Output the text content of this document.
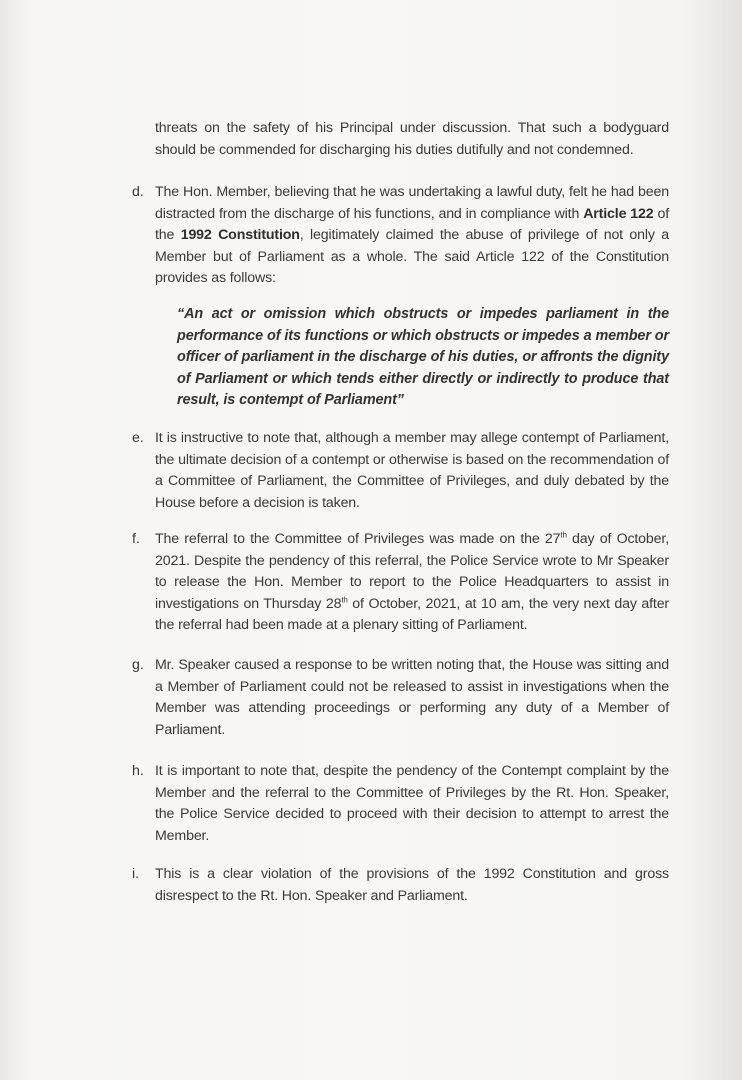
threats on the safety of his Principal under discussion. That such a bodyguard should be commended for discharging his duties dutifully and not condemned.
d. The Hon. Member, believing that he was undertaking a lawful duty, felt he had been distracted from the discharge of his functions, and in compliance with Article 122 of the 1992 Constitution, legitimately claimed the abuse of privilege of not only a Member but of Parliament as a whole. The said Article 122 of the Constitution provides as follows:
“An act or omission which obstructs or impedes parliament in the performance of its functions or which obstructs or impedes a member or officer of parliament in the discharge of his duties, or affronts the dignity of Parliament or which tends either directly or indirectly to produce that result, is contempt of Parliament”
e. It is instructive to note that, although a member may allege contempt of Parliament, the ultimate decision of a contempt or otherwise is based on the recommendation of a Committee of Parliament, the Committee of Privileges, and duly debated by the House before a decision is taken.
f. The referral to the Committee of Privileges was made on the 27th day of October, 2021. Despite the pendency of this referral, the Police Service wrote to Mr Speaker to release the Hon. Member to report to the Police Headquarters to assist in investigations on Thursday 28th of October, 2021, at 10 am, the very next day after the referral had been made at a plenary sitting of Parliament.
g. Mr. Speaker caused a response to be written noting that, the House was sitting and a Member of Parliament could not be released to assist in investigations when the Member was attending proceedings or performing any duty of a Member of Parliament.
h. It is important to note that, despite the pendency of the Contempt complaint by the Member and the referral to the Committee of Privileges by the Rt. Hon. Speaker, the Police Service decided to proceed with their decision to attempt to arrest the Member.
i. This is a clear violation of the provisions of the 1992 Constitution and gross disrespect to the Rt. Hon. Speaker and Parliament.
